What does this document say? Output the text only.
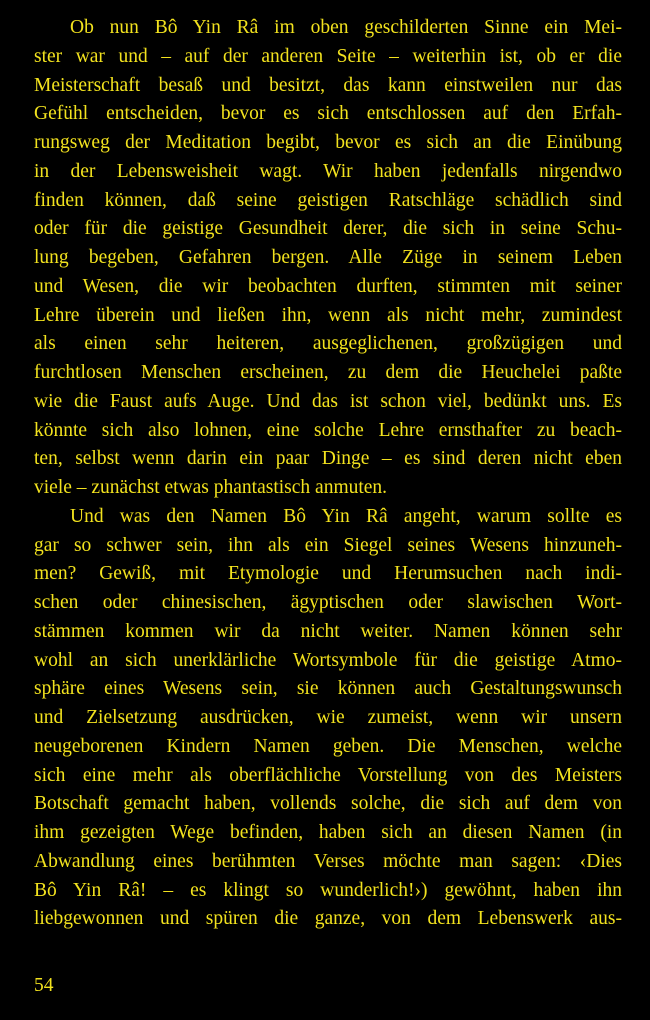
Ob nun Bô Yin Râ im oben geschilderten Sinne ein Mei-
ster war und – auf der anderen Seite – weiterhin ist, ob er die
Meisterschaft besaß und besitzt, das kann einstweilen nur das
Gefühl entscheiden, bevor es sich entschlossen auf den Erfah-
rungsweg der Meditation begibt, bevor es sich an die Einübung
in der Lebensweisheit wagt. Wir haben jedenfalls nirgendwo
finden können, daß seine geistigen Ratschläge schädlich sind
oder für die geistige Gesundheit derer, die sich in seine Schu-
lung begeben, Gefahren bergen. Alle Züge in seinem Leben
und Wesen, die wir beobachten durften, stimmten mit seiner
Lehre überein und ließen ihn, wenn als nicht mehr, zumindest
als einen sehr heiteren, ausgeglichenen, großzügigen und
furchtlosen Menschen erscheinen, zu dem die Heuchelei paßte
wie die Faust aufs Auge. Und das ist schon viel, bedünkt uns. Es
könnte sich also lohnen, eine solche Lehre ernsthafter zu beach-
ten, selbst wenn darin ein paar Dinge – es sind deren nicht eben
viele – zunächst etwas phantastisch anmuten.
Und was den Namen Bô Yin Râ angeht, warum sollte es
gar so schwer sein, ihn als ein Siegel seines Wesens hinzuneh-
men? Gewiß, mit Etymologie und Herumsuchen nach indi-
schen oder chinesischen, ägyptischen oder slawischen Wort-
stämmen kommen wir da nicht weiter. Namen können sehr
wohl an sich unerklärliche Wortsymbole für die geistige Atmo-
sphäre eines Wesens sein, sie können auch Gestaltungswunsch
und Zielsetzung ausdrücken, wie zumeist, wenn wir unsern
neugeborenen Kindern Namen geben. Die Menschen, welche
sich eine mehr als oberflächliche Vorstellung von des Meisters
Botschaft gemacht haben, vollends solche, die sich auf dem von
ihm gezeigten Wege befinden, haben sich an diesen Namen (in
Abwandlung eines berühmten Verses möchte man sagen: ‹Dies
Bô Yin Râ! – es klingt so wunderlich!›) gewöhnt, haben ihn
liebgewonnen und spüren die ganze, von dem Lebenswerk aus-
54
